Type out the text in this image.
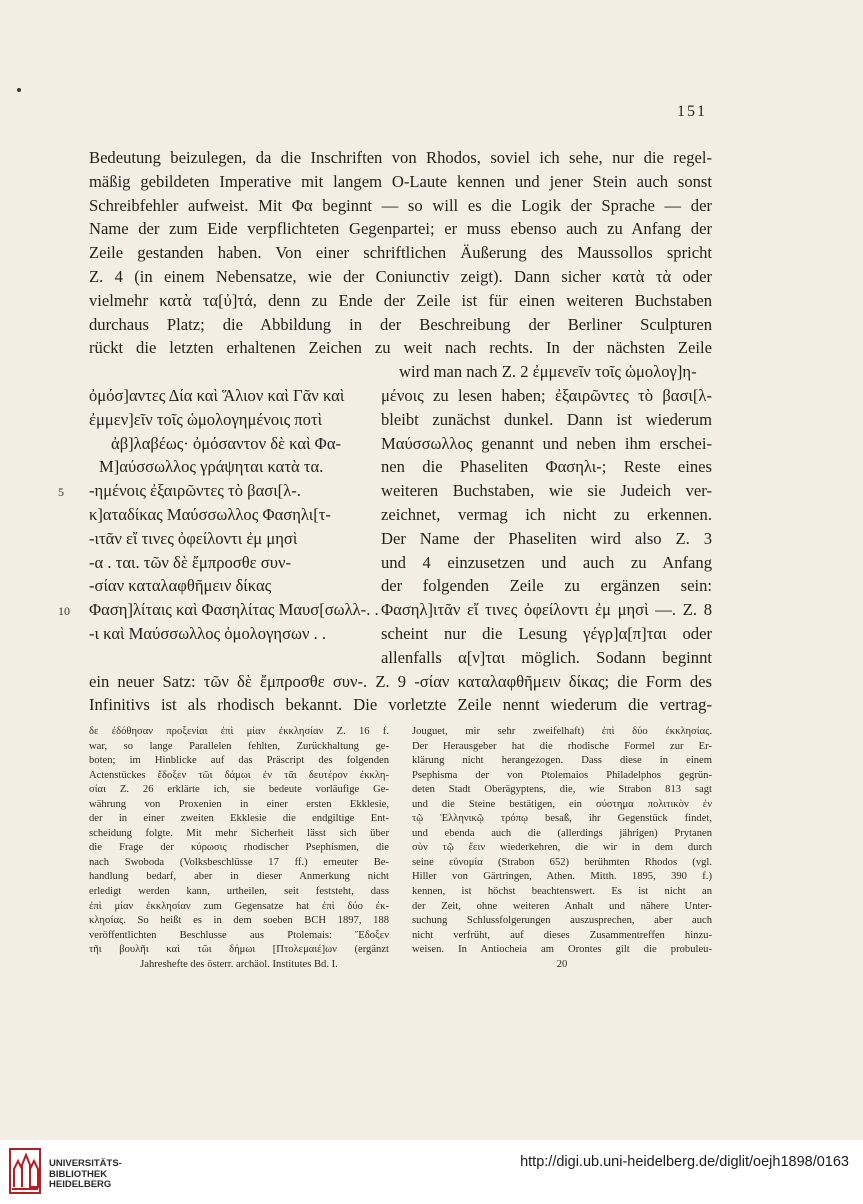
151
Bedeutung beizulegen, da die Inschriften von Rhodos, soviel ich sehe, nur die regel-
mäßig gebildeten Imperative mit langem O-Laute kennen und jener Stein auch sonst
Schreibfehler aufweist. Mit Φα beginnt — so will es die Logik der Sprache — der
Name der zum Eide verpflichteten Gegenpartei; er muss ebenso auch zu Anfang der
Zeile gestanden haben. Von einer schriftlichen Äußerung des Maussollos spricht
Z. 4 (in einem Nebensatze, wie der Coniunctiv zeigt). Dann sicher κατὰ τὰ oder
vielmehr κατὰ τα[ὐ]τά, denn zu Ende der Zeile ist für einen weiteren Buchstaben
durchaus Platz; die Abbildung in der Beschreibung der Berliner Sculpturen
rückt die letzten erhaltenen Zeichen zu weit nach rechts. In der nächsten Zeile
wird man nach Z. 2 ἐμμενεῖν τοῖς ὡμολογ]η-
ὀμόσ]αντες Δία καὶ Ἅλιον καὶ Γᾶν καὶ
ἐμμεν]εῖν τοῖς ὡμολογημένοις ποτὶ
ἀβ]λαβέως· ὀμόσαντον δὲ καὶ Φα-
Μ]αύσσωλλος γράψηται κατὰ τα.
5 -ημένοις ἐξαιρῶντες τὸ βασι[λ-.
κ]αταδίκας Μαύσσωλλος Φασηλι[τ-
-ιτᾶν εἴ τινες ὀφείλοντι ἐμ μησὶ
-α . ται. τῶν δὲ ἔμπροσθε συν-
-σίαν καταλαφθῆμειν δίκας
10 Φαση]λίταις καὶ Φασηλίτας Μαυσ[σωλλ-. .
-ι καὶ Μαύσσωλλος ὁμολογησων . .
μένοις zu lesen haben; ἐξαιρῶντες τὸ βασι[λ-
bleibt zunächst dunkel. Dann ist wiederum
Μαύσσωλλος genannt und neben ihm erschei-
nen die Phaseliten Φασηλι-; Reste eines
weiteren Buchstaben, wie sie Judeich ver-
zeichnet, vermag ich nicht zu erkennen.
Der Name der Phaseliten wird also Z. 3
und 4 einzusetzen und auch zu Anfang
der folgenden Zeile zu ergänzen sein:
Φασηλ]ιτᾶν εἴ τινες ὀφείλοντι ἐμ μησὶ —. Z. 8
scheint nur die Lesung γέγρ]α[π]ται oder
allenfalls α[ν]ται möglich. Sodann beginnt
ein neuer Satz: τῶν δὲ ἔμπροσθε συν-. Z. 9 -σίαν καταλαφθῆμειν δίκας; die Form des
Infinitivs ist als rhodisch bekannt. Die vorletzte Zeile nennt wiederum die vertrag-
δε ἐδόθησαν προξενίαι ἐπὶ μίαν ἐκκλησίαν Z. 16 f.
war, so lange Parallelen fehlten, Zurückhaltung ge-
boten; im Hinblicke auf das Präscript des folgenden
Actenstückes ἔδοξεν τῶι δάμωι ἐν τᾶι δευτέρον ἐκκλη-
σίαι Z. 26 erklärte ich, sie bedeute vorläufige Ge-
währung von Proxenien in einer ersten Ekklesie,
der in einer zweiten Ekklesie die endgiltige Ent-
scheidung folgte. Mit mehr Sicherheit lässt sich über
die Frage der κύρωσις rhodischer Psephismen, die
nach Swoboda (Volksbeschlüsse 17 ff.) erneuter Be-
handlung bedarf, aber in dieser Anmerkung nicht
erledigt werden kann, urtheilen, seit feststeht, dass
ἐπὶ μίαν ἐκκλησίαν zum Gegensatze hat ἐπὶ δύο ἐκ-
κλησίας. So heißt es in dem soeben BCH 1897, 188
veröffentlichten Beschlusse aus Ptolemais: Ἔδοξεν
τῆι βουλῆι καὶ τῶι δήμωι [Πτολεμαιέ]ων (ergänzt
Jahreshefte des österr. archäol. Institutes Bd. I.
Jouguet, mir sehr zweifelhaft) ἐπὶ δύο ἐκκλησίας.
Der Herausgeber hat die rhodische Formel zur Er-
klärung nicht herangezogen. Dass diese in einem
Psephisma der von Ptolemaios Philadelphos gegrün-
deten Stadt Oberägyptens, die, wie Strabon 813 sagt
und die Steine bestätigen, ein σύστημα πολιτικὸν ἐν
τῷ Ἑλληνικῷ τρόπῳ besaß, ihr Gegenstück findet,
und ebenda auch die (allerdings jährigen) Prytanen
σὺν τῷ ἔειν wiederkehren, die wir in dem durch
seine εὐνομία (Strabon 652) berühmten Rhodos (vgl.
Hiller von Gärtringen, Athen. Mitth. 1895, 390 f.)
kennen, ist höchst beachtenswert. Es ist nicht an
der Zeit, ohne weiteren Anhalt und nähere Unter-
suchung Schlussfolgerungen auszusprechen, aber auch
nicht verfrüht, auf dieses Zusammentreffen hinzu-
weisen. In Antiocheia am Orontes gilt die probuleu-
20
UNIVERSITÄTS-
BIBLIOTHEK
HEIDELBERG
http://digi.ub.uni-heidelberg.de/diglit/oejh1898/0163
